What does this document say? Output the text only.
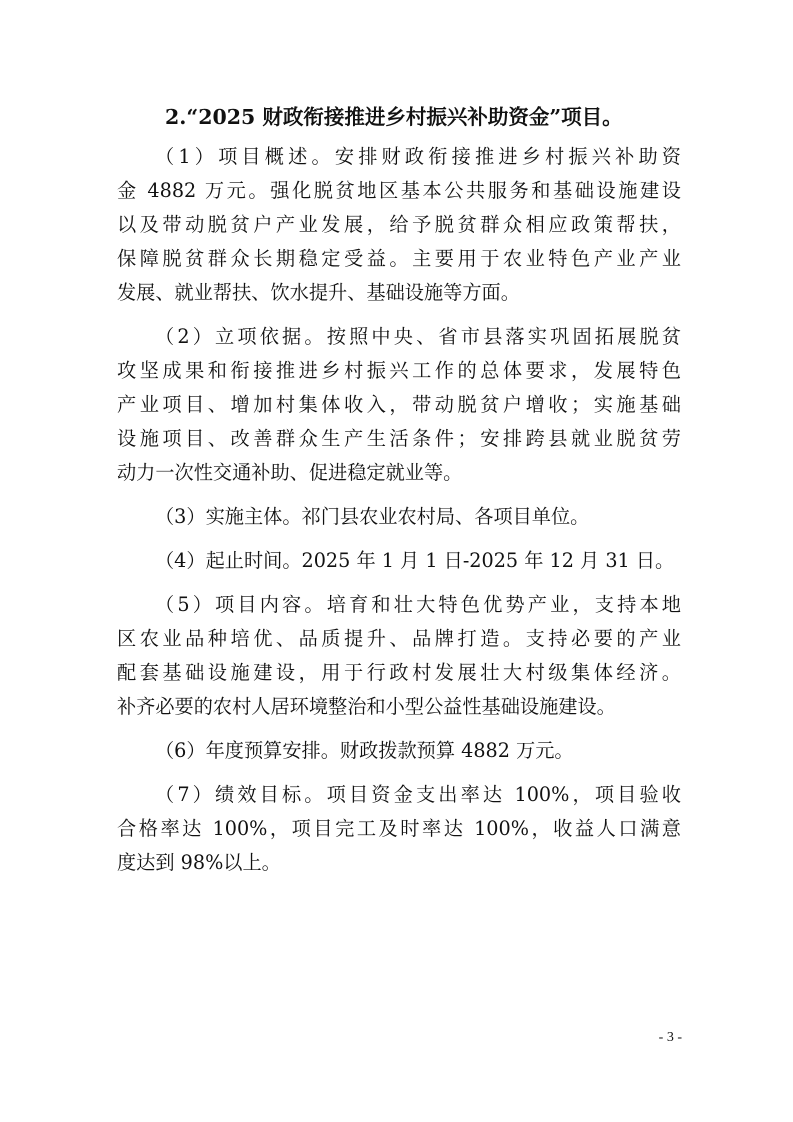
2.“2025 财政衔接推进乡村振兴补助资金”项目。
（1）项目概述。安排财政衔接推进乡村振兴补助资
金 4882 万元。强化脱贫地区基本公共服务和基础设施建设
以及带动脱贫户产业发展，给予脱贫群众相应政策帮扶，
保障脱贫群众长期稳定受益。主要用于农业特色产业产业
发展、就业帮扶、饮水提升、基础设施等方面。
（2）立项依据。按照中央、省市县落实巩固拓展脱贫
攻坚成果和衔接推进乡村振兴工作的总体要求，发展特色
产业项目、增加村集体收入，带动脱贫户增收；实施基础
设施项目、改善群众生产生活条件；安排跨县就业脱贫劳
动力一次性交通补助、促进稳定就业等。
（3）实施主体。祁门县农业农村局、各项目单位。
（4）起止时间。2025 年 1 月 1 日-2025 年 12 月 31 日。
（5）项目内容。培育和壮大特色优势产业，支持本地
区农业品种培优、品质提升、品牌打造。支持必要的产业
配套基础设施建设，用于行政村发展壮大村级集体经济。
补齐必要的农村人居环境整治和小型公益性基础设施建设。
（6）年度预算安排。财政拨款预算 4882 万元。
（7）绩效目标。项目资金支出率达 100%，项目验收
合格率达 100%，项目完工及时率达 100%，收益人口满意
度达到 98%以上。
- 3 -
